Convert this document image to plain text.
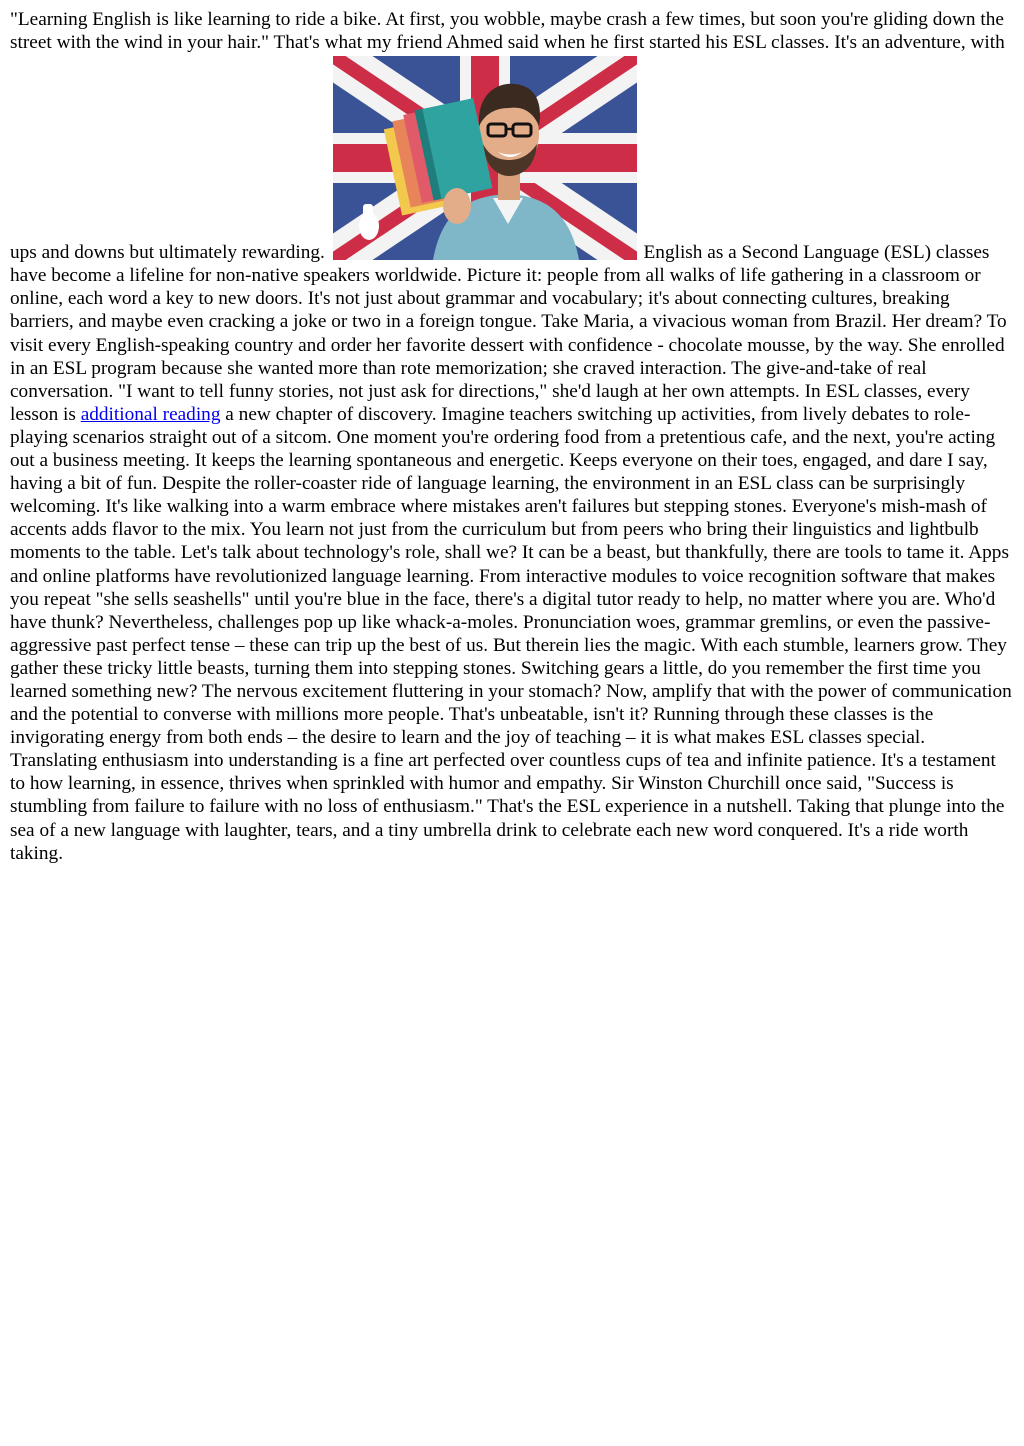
"Learning English is like learning to ride a bike. At first, you wobble, maybe crash a few times, but soon you're gliding down the street with the wind in your hair." That's what my friend Ahmed said when he first started his ESL classes. It's an adventure, with ups and downs but ultimately rewarding.	English as a Second Language (ESL) classes have become a lifeline for non-native speakers worldwide. Picture it: people from all walks of life gathering in a classroom or online, each word a key to new doors. It's not just about grammar and vocabulary; it's about connecting cultures, breaking barriers, and maybe even cracking a joke or two in a foreign tongue. Take Maria, a vivacious woman from Brazil. Her dream? To visit every English-speaking country and order her favorite dessert with confidence - chocolate mousse, by the way. She enrolled in an ESL program because she wanted more than rote memorization; she craved interaction. The give-and-take of real conversation. "I want to tell funny stories, not just ask for directions," she'd laugh at her own attempts. In ESL classes, every lesson is additional reading a new chapter of discovery. Imagine teachers switching up activities, from lively debates to role-playing scenarios straight out of a sitcom. One moment you're ordering food from a pretentious cafe, and the next, you're acting out a business meeting. It keeps the learning spontaneous and energetic. Keeps everyone on their toes, engaged, and dare I say, having a bit of fun. Despite the roller-coaster ride of language learning, the environment in an ESL class can be surprisingly welcoming. It's like walking into a warm embrace where mistakes aren't failures but stepping stones. Everyone's mish-mash of accents adds flavor to the mix. You learn not just from the curriculum but from peers who bring their linguistics and lightbulb moments to the table. Let's talk about technology's role, shall we? It can be a beast, but thankfully, there are tools to tame it. Apps and online platforms have revolutionized language learning. From interactive modules to voice recognition software that makes you repeat "she sells seashells" until you're blue in the face, there's a digital tutor ready to help, no matter where you are. Who'd have thunk? Nevertheless, challenges pop up like whack-a-moles. Pronunciation woes, grammar gremlins, or even the passive-aggressive past perfect tense – these can trip up the best of us. But therein lies the magic. With each stumble, learners grow. They gather these tricky little beasts, turning them into stepping stones. Switching gears a little, do you remember the first time you learned something new? The nervous excitement fluttering in your stomach? Now, amplify that with the power of communication and the potential to converse with millions more people. That's unbeatable, isn't it? Running through these classes is the invigorating energy from both ends – the desire to learn and the joy of teaching – it is what makes ESL classes special. Translating enthusiasm into understanding is a fine art perfected over countless cups of tea and infinite patience. It's a testament to how learning, in essence, thrives when sprinkled with humor and empathy. Sir Winston Churchill once said, "Success is stumbling from failure to failure with no loss of enthusiasm." That's the ESL experience in a nutshell. Taking that plunge into the sea of a new language with laughter, tears, and a tiny umbrella drink to celebrate each new word conquered. It's a ride worth taking.
